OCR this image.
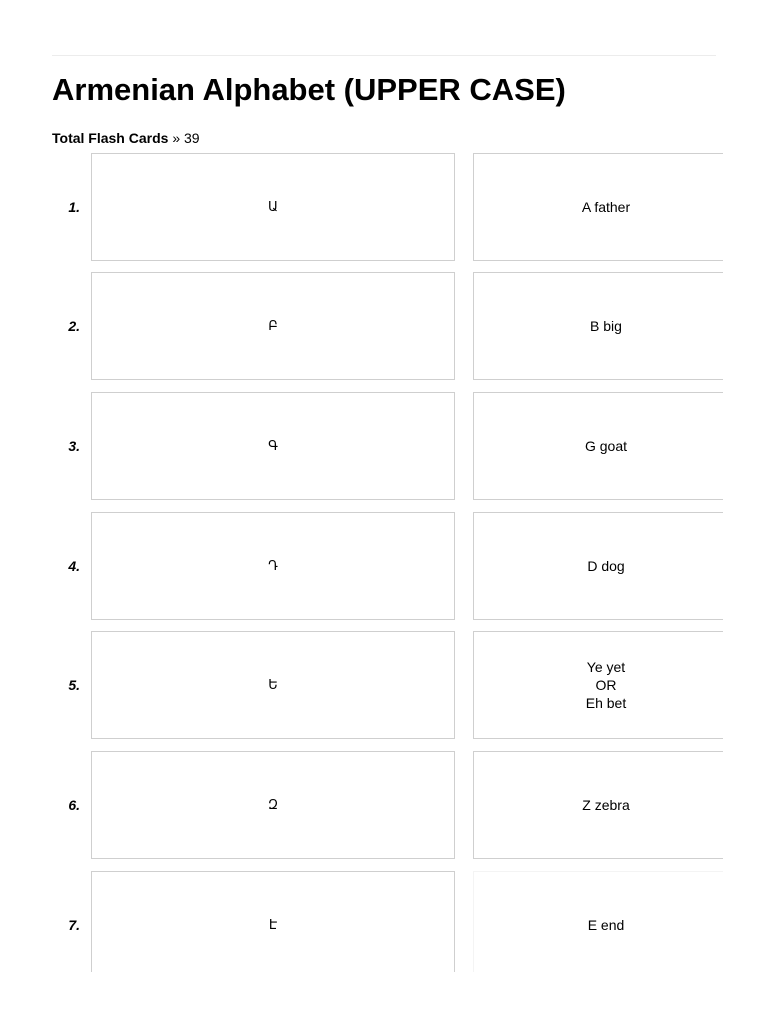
Armenian Alphabet (UPPER CASE)
Total Flash Cards » 39
1.	Ա	A father
2.	Բ	B big
3.	Գ	G goat
4.	Դ	D dog
5.	Ե
Ye yet
OR
Eh bet
6.	Զ	Z zebra
7.	Է	E end
